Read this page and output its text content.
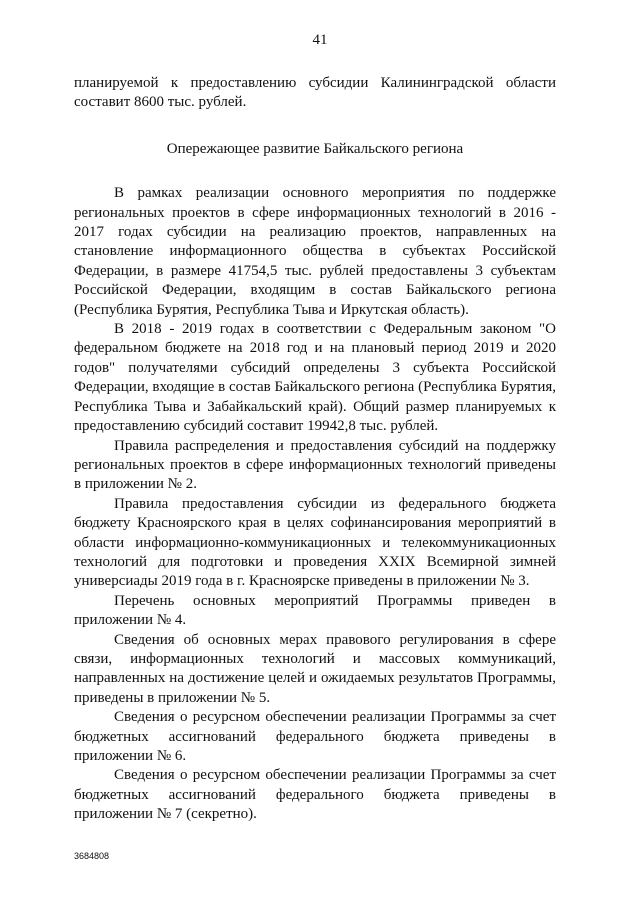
41

планируемой к предоставлению субсидии Калининградской области составит 8600 тыс. рублей.

Опережающее развитие Байкальского региона

В рамках реализации основного мероприятия по поддержке региональных проектов в сфере информационных технологий в 2016 - 2017 годах субсидии на реализацию проектов, направленных на становление информационного общества в субъектах Российской Федерации, в размере 41754,5 тыс. рублей предоставлены 3 субъектам Российской Федерации, входящим в состав Байкальского региона (Республика Бурятия, Республика Тыва и Иркутская область).

В 2018 - 2019 годах в соответствии с Федеральным законом "О федеральном бюджете на 2018 год и на плановый период 2019 и 2020 годов" получателями субсидий определены 3 субъекта Российской Федерации, входящие в состав Байкальского региона (Республика Бурятия, Республика Тыва и Забайкальский край). Общий размер планируемых к предоставлению субсидий составит 19942,8 тыс. рублей.

Правила распределения и предоставления субсидий на поддержку региональных проектов в сфере информационных технологий приведены в приложении № 2.

Правила предоставления субсидии из федерального бюджета бюджету Красноярского края в целях софинансирования мероприятий в области информационно-коммуникационных и телекоммуникационных технологий для подготовки и проведения XXIX Всемирной зимней универсиады 2019 года в г. Красноярске приведены в приложении № 3.

Перечень основных мероприятий Программы приведен в приложении № 4.

Сведения об основных мерах правового регулирования в сфере связи, информационных технологий и массовых коммуникаций, направленных на достижение целей и ожидаемых результатов Программы, приведены в приложении № 5.

Сведения о ресурсном обеспечении реализации Программы за счет бюджетных ассигнований федерального бюджета приведены в приложении № 6.

Сведения о ресурсном обеспечении реализации Программы за счет бюджетных ассигнований федерального бюджета приведены в приложении № 7 (секретно).

3684808
